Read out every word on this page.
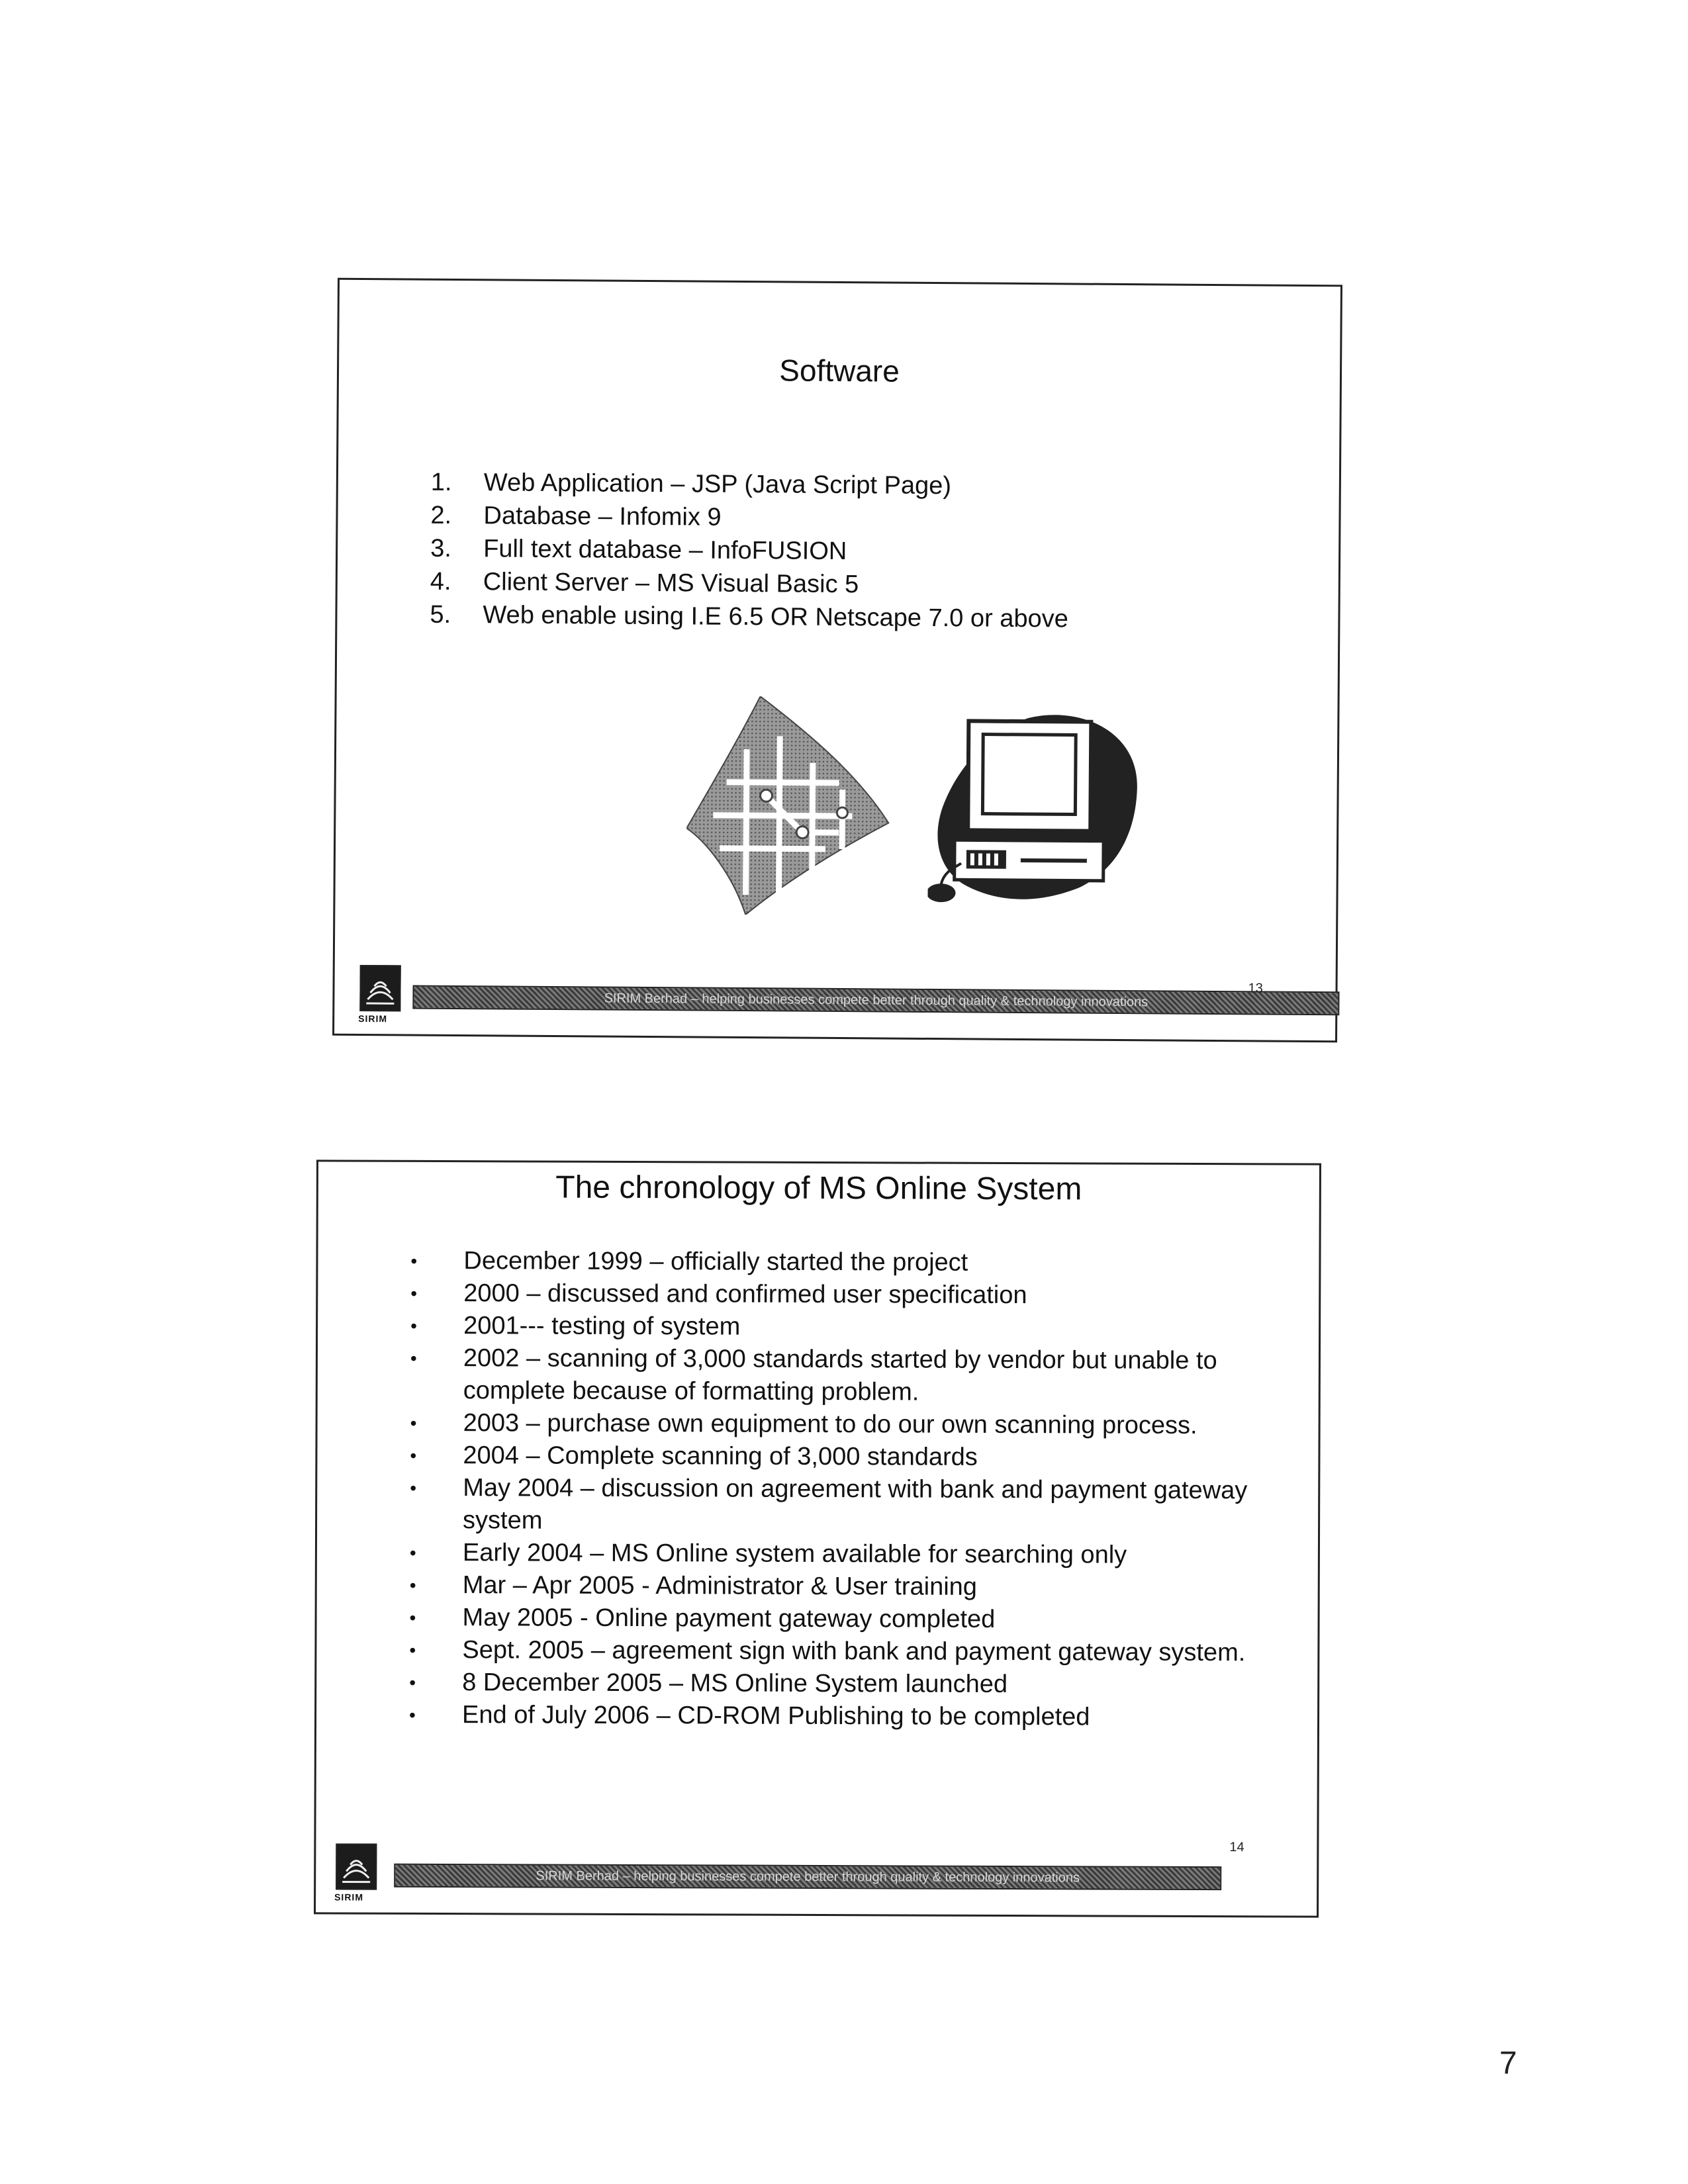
Software
1.	Web Application – JSP (Java Script Page)
2.	Database – Infomix 9
3.	Full text database – InfoFUSION
4.	Client Server – MS Visual Basic 5
5.	Web enable using I.E 6.5 OR Netscape 7.0 or above
SIRIM
SIRIM Berhad – helping businesses compete better through quality & technology innovations
13
The chronology of MS Online System
•	December 1999 – officially started the project
•	2000 – discussed and confirmed user specification
•	2001--- testing of system
•	2002 – scanning of 3,000 standards started by vendor but unable to complete because of formatting problem.
•	2003 – purchase own equipment to do our own scanning process.
•	2004 – Complete scanning of 3,000 standards
•	May 2004 – discussion on agreement with bank and payment gateway system
•	Early 2004 – MS Online system available for searching only
•	Mar – Apr 2005 - Administrator & User training
•	May 2005 - Online payment gateway completed
•	Sept. 2005 – agreement sign with bank and payment gateway system.
•	8 December 2005 – MS Online System launched
•	End of July 2006 – CD-ROM Publishing to be completed
SIRIM
SIRIM Berhad – helping businesses compete better through quality & technology innovations
14
7
